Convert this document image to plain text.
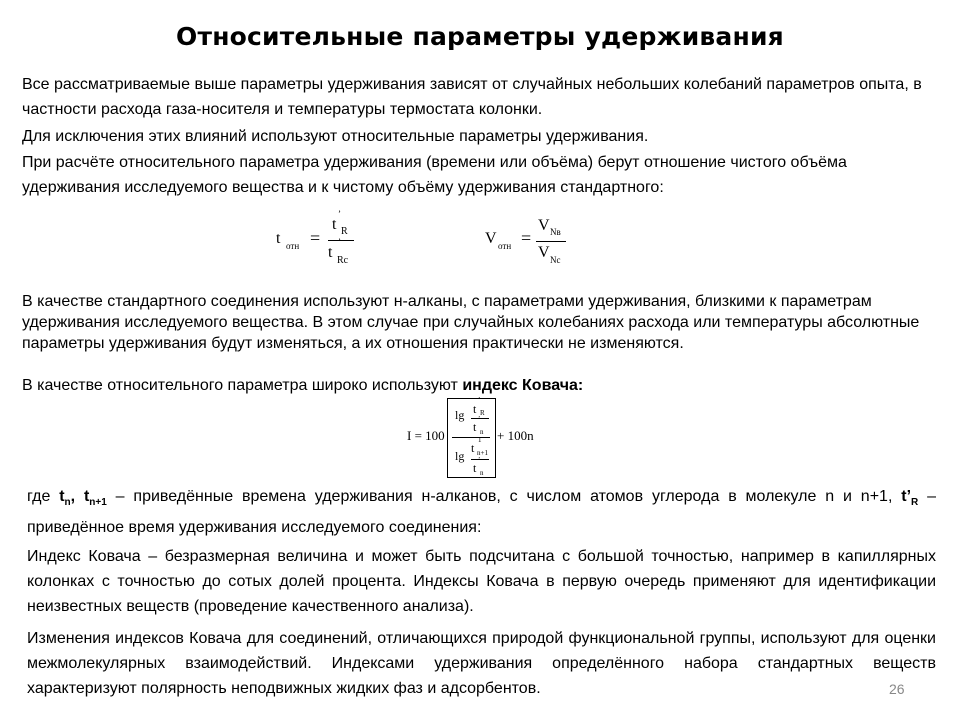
Относительные параметры удерживания

Все рассматриваемые выше параметры удерживания зависят от случайных небольших колебаний параметров опыта, в частности расхода газа-носителя и температуры термостата колонки.

Для исключения этих влияний используют относительные параметры удерживания.

При расчёте относительного параметра удерживания (времени или объёма) берут отношение чистого объёма удерживания исследуемого вещества и к чистому объёму удерживания стандартного:

t отн =
’
t R
’
t Rc
V отн =
V Nв
V Nc

В качестве стандартного соединения используют н-алканы, с параметрами удерживания, близкими к параметрам удерживания исследуемого вещества. В этом случае при случайных колебаниях расхода или температуры абсолютные параметры удерживания будут изменяться, а их отношения практически не изменяются.

В качестве относительного параметра широко используют индекс Ковача:

I = 100
lg
’
t R
’
t n
lg
1
t n+1
’
t n
+ 100n

где $t_n$, $t_{n+1}$ – приведённые времена удерживания н-алканов, с числом атомов углерода в молекуле n и n+1, $t’_R$ – приведённое время удерживания исследуемого соединения:

Индекс Ковача – безразмерная величина и может быть подсчитана с большой точностью, например в капиллярных колонках с точностью до сотых долей процента. Индексы Ковача в первую очередь применяют для идентификации неизвестных веществ (проведение качественного анализа).

Изменения индексов Ковача для соединений, отличающихся природой функциональной группы, используют для оценки межмолекулярных взаимодействий. Индексами удерживания определённого набора стандартных веществ характеризуют полярность неподвижных жидких фаз и адсорбентов.	26
